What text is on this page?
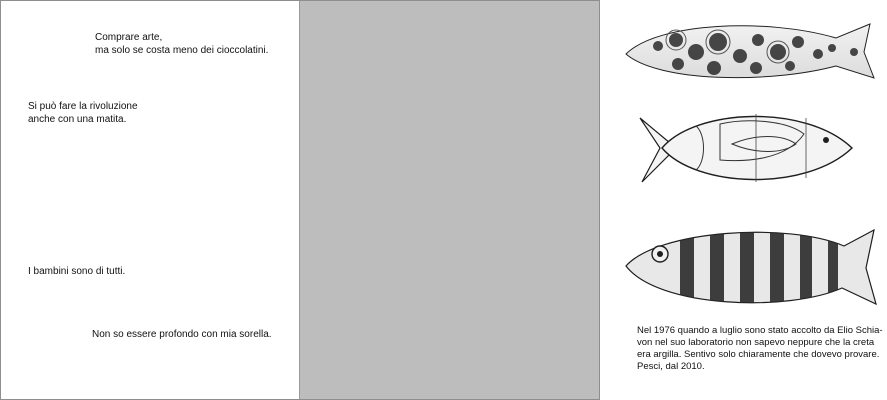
Comprare arte,
ma solo se costa meno dei cioccolatini.
Si può fare la rivoluzione
anche con una matita.
I bambini sono di tutti.
Non so essere profondo con mia sorella.	Nel 1976 quando a luglio sono stato accolto da Elio Schia-
von nel suo laboratorio non sapevo neppure che la creta
era argilla. Sentivo solo chiaramente che dovevo provare.
Pesci, dal 2010.
